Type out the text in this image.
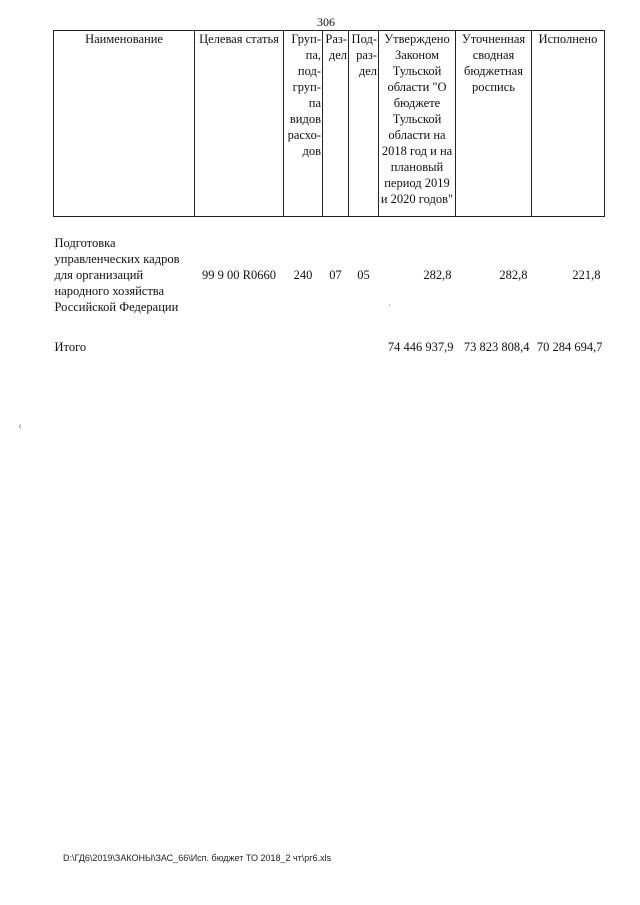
306
Наименование	Целевая статья	Груп-па, под-груп-па видов расхо-дов	Раз-дел	Под-раз-дел	Утверждено Законом Тульской области "О бюджете Тульской области на 2018 год и на плановый период 2019 и 2020 годов"	Уточненная сводная бюджетная роспись	Исполнено

Подготовка управленческих кадров для организаций народного хозяйства Российской Федерации	99 9 00 R0660	240	07	05	282,8	282,8	221,8
Итого					74 446 937,9	73 823 808,4	70 284 694,7
‹
·
D:\ГД6\2019\ЗАКОНЫ\ЗАС_66\Исп. бюджет ТО 2018_2 чт\рг6.xls
